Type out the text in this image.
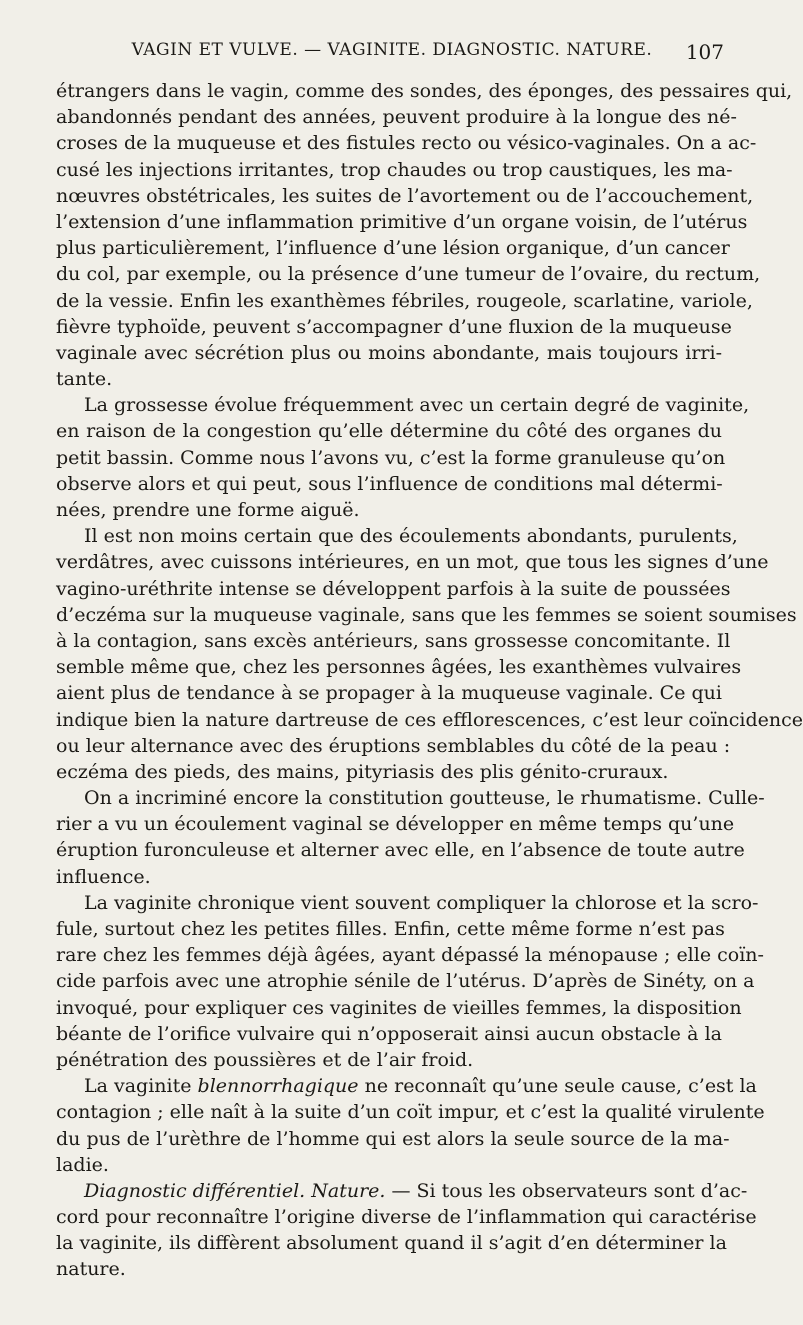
VAGIN ET VULVE. — VAGINITE. DIAGNOSTIC. NATURE.	107
étrangers dans le vagin, comme des sondes, des éponges, des pessaires qui,
abandonnés pendant des années, peuvent produire à la longue des né-
croses de la muqueuse et des fistules recto ou vésico-vaginales. On a ac-
cusé les injections irritantes, trop chaudes ou trop caustiques, les ma-
nœuvres obstétricales, les suites de l’avortement ou de l’accouchement,
l’extension d’une inflammation primitive d’un organe voisin, de l’utérus
plus particulièrement, l’influence d’une lésion organique, d’un cancer
du col, par exemple, ou la présence d’une tumeur de l’ovaire, du rectum,
de la vessie. Enfin les exanthèmes fébriles, rougeole, scarlatine, variole,
fièvre typhoïde, peuvent s’accompagner d’une fluxion de la muqueuse
vaginale avec sécrétion plus ou moins abondante, mais toujours irri-
tante.
La grossesse évolue fréquemment avec un certain degré de vaginite,
en raison de la congestion qu’elle détermine du côté des organes du
petit bassin. Comme nous l’avons vu, c’est la forme granuleuse qu’on
observe alors et qui peut, sous l’influence de conditions mal détermi-
nées, prendre une forme aiguë.
Il est non moins certain que des écoulements abondants, purulents,
verdâtres, avec cuissons intérieures, en un mot, que tous les signes d’une
vagino-uréthrite intense se développent parfois à la suite de poussées
d’eczéma sur la muqueuse vaginale, sans que les femmes se soient soumises
à la contagion, sans excès antérieurs, sans grossesse concomitante. Il
semble même que, chez les personnes âgées, les exanthèmes vulvaires
aient plus de tendance à se propager à la muqueuse vaginale. Ce qui
indique bien la nature dartreuse de ces efflorescences, c’est leur coïncidence
ou leur alternance avec des éruptions semblables du côté de la peau :
eczéma des pieds, des mains, pityriasis des plis génito-cruraux.
On a incriminé encore la constitution goutteuse, le rhumatisme. Culle-
rier a vu un écoulement vaginal se développer en même temps qu’une
éruption furonculeuse et alterner avec elle, en l’absence de toute autre
influence.
La vaginite chronique vient souvent compliquer la chlorose et la scro-
fule, surtout chez les petites filles. Enfin, cette même forme n’est pas
rare chez les femmes déjà âgées, ayant dépassé la ménopause ; elle coïn-
cide parfois avec une atrophie sénile de l’utérus. D’après de Sinéty, on a
invoqué, pour expliquer ces vaginites de vieilles femmes, la disposition
béante de l’orifice vulvaire qui n’opposerait ainsi aucun obstacle à la
pénétration des poussières et de l’air froid.
La vaginite blennorrhagique ne reconnaît qu’une seule cause, c’est la
contagion ; elle naît à la suite d’un coït impur, et c’est la qualité virulente
du pus de l’urèthre de l’homme qui est alors la seule source de la ma-
ladie.
Diagnostic différentiel. Nature. — Si tous les observateurs sont d’ac-
cord pour reconnaître l’origine diverse de l’inflammation qui caractérise
la vaginite, ils diffèrent absolument quand il s’agit d’en déterminer la
nature.
